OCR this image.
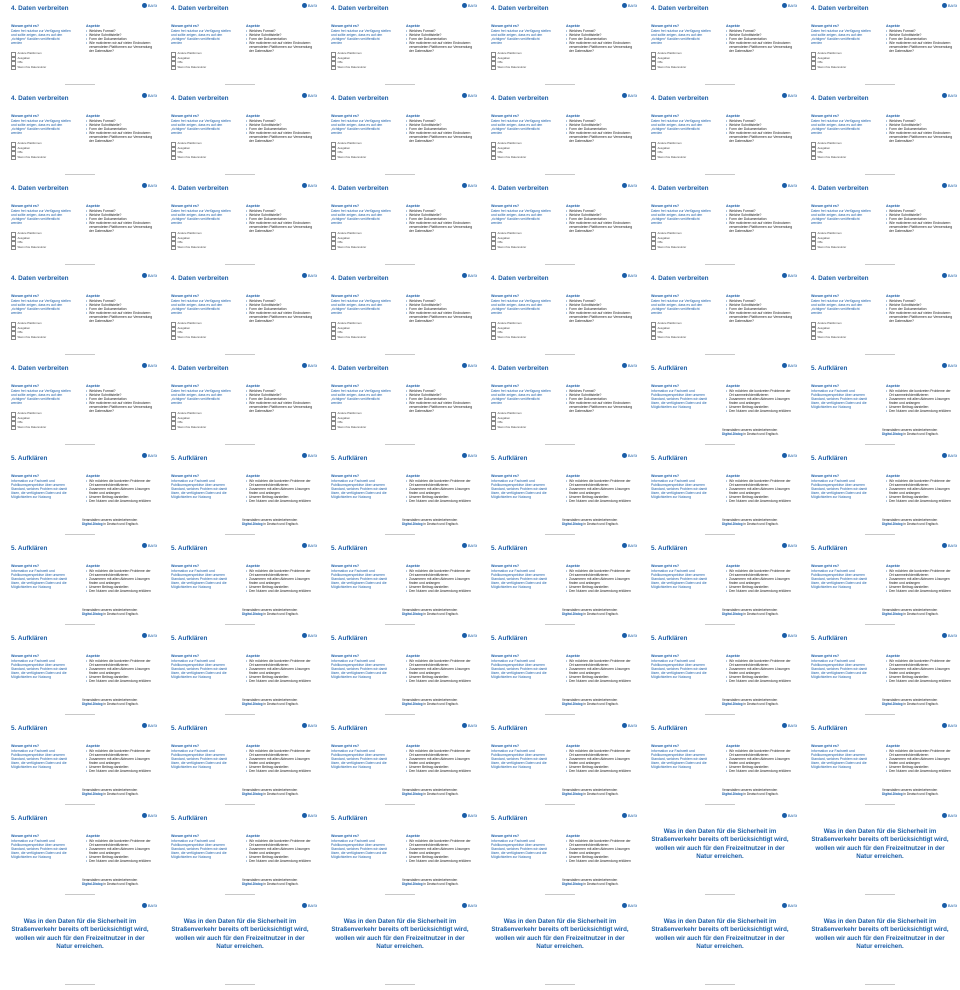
BASt
4. Daten verbreiten
Worum geht es?
Daten frei nutzbar zur Verfügung stellen
und sollte zeigen, dass es auf den
„richtigen“ Kanälen veröffentlicht
werden
Andere Plattformen
Ausgaben
Offe
Wenn ihre Datennutzer
Aspekte
• Welches Format?
• Welche Schnittstelle?
• Form der Dokumentation
• Wie motivieren wir auf vielen Endnutzern verwendeten Plattformen zur Verwendung der Datensätze?
BASt
4. Daten verbreiten
Worum geht es?
Daten frei nutzbar zur Verfügung stellen
und sollte zeigen, dass es auf den
„richtigen“ Kanälen veröffentlicht
werden
Andere Plattformen
Ausgaben
Offe
Wenn ihre Datennutzer
Aspekte
• Welches Format?
• Welche Schnittstelle?
• Form der Dokumentation
• Wie motivieren wir auf vielen Endnutzern verwendeten Plattformen zur Verwendung der Datensätze?
BASt
4. Daten verbreiten
Worum geht es?
Daten frei nutzbar zur Verfügung stellen
und sollte zeigen, dass es auf den
„richtigen“ Kanälen veröffentlicht
werden
Andere Plattformen
Ausgaben
Offe
Wenn ihre Datennutzer
Aspekte
• Welches Format?
• Welche Schnittstelle?
• Form der Dokumentation
• Wie motivieren wir auf vielen Endnutzern verwendeten Plattformen zur Verwendung der Datensätze?
BASt
4. Daten verbreiten
Worum geht es?
Daten frei nutzbar zur Verfügung stellen
und sollte zeigen, dass es auf den
„richtigen“ Kanälen veröffentlicht
werden
Andere Plattformen
Ausgaben
Offe
Wenn ihre Datennutzer
Aspekte
• Welches Format?
• Welche Schnittstelle?
• Form der Dokumentation
• Wie motivieren wir auf vielen Endnutzern verwendeten Plattformen zur Verwendung der Datensätze?
BASt
4. Daten verbreiten
Worum geht es?
Daten frei nutzbar zur Verfügung stellen
und sollte zeigen, dass es auf den
„richtigen“ Kanälen veröffentlicht
werden
Andere Plattformen
Ausgaben
Offe
Wenn ihre Datennutzer
Aspekte
• Welches Format?
• Welche Schnittstelle?
• Form der Dokumentation
• Wie motivieren wir auf vielen Endnutzern verwendeten Plattformen zur Verwendung der Datensätze?
BASt
4. Daten verbreiten
Worum geht es?
Daten frei nutzbar zur Verfügung stellen
und sollte zeigen, dass es auf den
„richtigen“ Kanälen veröffentlicht
werden
Andere Plattformen
Ausgaben
Offe
Wenn ihre Datennutzer
Aspekte
• Welches Format?
• Welche Schnittstelle?
• Form der Dokumentation
• Wie motivieren wir auf vielen Endnutzern verwendeten Plattformen zur Verwendung der Datensätze?
BASt
4. Daten verbreiten
Worum geht es?
Daten frei nutzbar zur Verfügung stellen
und sollte zeigen, dass es auf den
„richtigen“ Kanälen veröffentlicht
werden
Andere Plattformen
Ausgaben
Offe
Wenn ihre Datennutzer
Aspekte
• Welches Format?
• Welche Schnittstelle?
• Form der Dokumentation
• Wie motivieren wir auf vielen Endnutzern verwendeten Plattformen zur Verwendung der Datensätze?
BASt
4. Daten verbreiten
Worum geht es?
Daten frei nutzbar zur Verfügung stellen
und sollte zeigen, dass es auf den
„richtigen“ Kanälen veröffentlicht
werden
Andere Plattformen
Ausgaben
Offe
Wenn ihre Datennutzer
Aspekte
• Welches Format?
• Welche Schnittstelle?
• Form der Dokumentation
• Wie motivieren wir auf vielen Endnutzern verwendeten Plattformen zur Verwendung der Datensätze?
BASt
4. Daten verbreiten
Worum geht es?
Daten frei nutzbar zur Verfügung stellen
und sollte zeigen, dass es auf den
„richtigen“ Kanälen veröffentlicht
werden
Andere Plattformen
Ausgaben
Offe
Wenn ihre Datennutzer
Aspekte
• Welches Format?
• Welche Schnittstelle?
• Form der Dokumentation
• Wie motivieren wir auf vielen Endnutzern verwendeten Plattformen zur Verwendung der Datensätze?
BASt
4. Daten verbreiten
Worum geht es?
Daten frei nutzbar zur Verfügung stellen
und sollte zeigen, dass es auf den
„richtigen“ Kanälen veröffentlicht
werden
Andere Plattformen
Ausgaben
Offe
Wenn ihre Datennutzer
Aspekte
• Welches Format?
• Welche Schnittstelle?
• Form der Dokumentation
• Wie motivieren wir auf vielen Endnutzern verwendeten Plattformen zur Verwendung der Datensätze?
BASt
4. Daten verbreiten
Worum geht es?
Daten frei nutzbar zur Verfügung stellen
und sollte zeigen, dass es auf den
„richtigen“ Kanälen veröffentlicht
werden
Andere Plattformen
Ausgaben
Offe
Wenn ihre Datennutzer
Aspekte
• Welches Format?
• Welche Schnittstelle?
• Form der Dokumentation
• Wie motivieren wir auf vielen Endnutzern verwendeten Plattformen zur Verwendung der Datensätze?
BASt
4. Daten verbreiten
Worum geht es?
Daten frei nutzbar zur Verfügung stellen
und sollte zeigen, dass es auf den
„richtigen“ Kanälen veröffentlicht
werden
Andere Plattformen
Ausgaben
Offe
Wenn ihre Datennutzer
Aspekte
• Welches Format?
• Welche Schnittstelle?
• Form der Dokumentation
• Wie motivieren wir auf vielen Endnutzern verwendeten Plattformen zur Verwendung der Datensätze?
BASt
4. Daten verbreiten
Worum geht es?
Daten frei nutzbar zur Verfügung stellen
und sollte zeigen, dass es auf den
„richtigen“ Kanälen veröffentlicht
werden
Andere Plattformen
Ausgaben
Offe
Wenn ihre Datennutzer
Aspekte
• Welches Format?
• Welche Schnittstelle?
• Form der Dokumentation
• Wie motivieren wir auf vielen Endnutzern verwendeten Plattformen zur Verwendung der Datensätze?
BASt
4. Daten verbreiten
Worum geht es?
Daten frei nutzbar zur Verfügung stellen
und sollte zeigen, dass es auf den
„richtigen“ Kanälen veröffentlicht
werden
Andere Plattformen
Ausgaben
Offe
Wenn ihre Datennutzer
Aspekte
• Welches Format?
• Welche Schnittstelle?
• Form der Dokumentation
• Wie motivieren wir auf vielen Endnutzern verwendeten Plattformen zur Verwendung der Datensätze?
BASt
4. Daten verbreiten
Worum geht es?
Daten frei nutzbar zur Verfügung stellen
und sollte zeigen, dass es auf den
„richtigen“ Kanälen veröffentlicht
werden
Andere Plattformen
Ausgaben
Offe
Wenn ihre Datennutzer
Aspekte
• Welches Format?
• Welche Schnittstelle?
• Form der Dokumentation
• Wie motivieren wir auf vielen Endnutzern verwendeten Plattformen zur Verwendung der Datensätze?
BASt
4. Daten verbreiten
Worum geht es?
Daten frei nutzbar zur Verfügung stellen
und sollte zeigen, dass es auf den
„richtigen“ Kanälen veröffentlicht
werden
Andere Plattformen
Ausgaben
Offe
Wenn ihre Datennutzer
Aspekte
• Welches Format?
• Welche Schnittstelle?
• Form der Dokumentation
• Wie motivieren wir auf vielen Endnutzern verwendeten Plattformen zur Verwendung der Datensätze?
BASt
4. Daten verbreiten
Worum geht es?
Daten frei nutzbar zur Verfügung stellen
und sollte zeigen, dass es auf den
„richtigen“ Kanälen veröffentlicht
werden
Andere Plattformen
Ausgaben
Offe
Wenn ihre Datennutzer
Aspekte
• Welches Format?
• Welche Schnittstelle?
• Form der Dokumentation
• Wie motivieren wir auf vielen Endnutzern verwendeten Plattformen zur Verwendung der Datensätze?
BASt
4. Daten verbreiten
Worum geht es?
Daten frei nutzbar zur Verfügung stellen
und sollte zeigen, dass es auf den
„richtigen“ Kanälen veröffentlicht
werden
Andere Plattformen
Ausgaben
Offe
Wenn ihre Datennutzer
Aspekte
• Welches Format?
• Welche Schnittstelle?
• Form der Dokumentation
• Wie motivieren wir auf vielen Endnutzern verwendeten Plattformen zur Verwendung der Datensätze?
BASt
4. Daten verbreiten
Worum geht es?
Daten frei nutzbar zur Verfügung stellen
und sollte zeigen, dass es auf den
„richtigen“ Kanälen veröffentlicht
werden
Andere Plattformen
Ausgaben
Offe
Wenn ihre Datennutzer
Aspekte
• Welches Format?
• Welche Schnittstelle?
• Form der Dokumentation
• Wie motivieren wir auf vielen Endnutzern verwendeten Plattformen zur Verwendung der Datensätze?
BASt
4. Daten verbreiten
Worum geht es?
Daten frei nutzbar zur Verfügung stellen
und sollte zeigen, dass es auf den
„richtigen“ Kanälen veröffentlicht
werden
Andere Plattformen
Ausgaben
Offe
Wenn ihre Datennutzer
Aspekte
• Welches Format?
• Welche Schnittstelle?
• Form der Dokumentation
• Wie motivieren wir auf vielen Endnutzern verwendeten Plattformen zur Verwendung der Datensätze?
BASt
4. Daten verbreiten
Worum geht es?
Daten frei nutzbar zur Verfügung stellen
und sollte zeigen, dass es auf den
„richtigen“ Kanälen veröffentlicht
werden
Andere Plattformen
Ausgaben
Offe
Wenn ihre Datennutzer
Aspekte
• Welches Format?
• Welche Schnittstelle?
• Form der Dokumentation
• Wie motivieren wir auf vielen Endnutzern verwendeten Plattformen zur Verwendung der Datensätze?
BASt
4. Daten verbreiten
Worum geht es?
Daten frei nutzbar zur Verfügung stellen
und sollte zeigen, dass es auf den
„richtigen“ Kanälen veröffentlicht
werden
Andere Plattformen
Ausgaben
Offe
Wenn ihre Datennutzer
Aspekte
• Welches Format?
• Welche Schnittstelle?
• Form der Dokumentation
• Wie motivieren wir auf vielen Endnutzern verwendeten Plattformen zur Verwendung der Datensätze?
BASt
4. Daten verbreiten
Worum geht es?
Daten frei nutzbar zur Verfügung stellen
und sollte zeigen, dass es auf den
„richtigen“ Kanälen veröffentlicht
werden
Andere Plattformen
Ausgaben
Offe
Wenn ihre Datennutzer
Aspekte
• Welches Format?
• Welche Schnittstelle?
• Form der Dokumentation
• Wie motivieren wir auf vielen Endnutzern verwendeten Plattformen zur Verwendung der Datensätze?
BASt
4. Daten verbreiten
Worum geht es?
Daten frei nutzbar zur Verfügung stellen
und sollte zeigen, dass es auf den
„richtigen“ Kanälen veröffentlicht
werden
Andere Plattformen
Ausgaben
Offe
Wenn ihre Datennutzer
Aspekte
• Welches Format?
• Welche Schnittstelle?
• Form der Dokumentation
• Wie motivieren wir auf vielen Endnutzern verwendeten Plattformen zur Verwendung der Datensätze?
BASt
4. Daten verbreiten
Worum geht es?
Daten frei nutzbar zur Verfügung stellen
und sollte zeigen, dass es auf den
„richtigen“ Kanälen veröffentlicht
werden
Andere Plattformen
Ausgaben
Offe
Wenn ihre Datennutzer
Aspekte
• Welches Format?
• Welche Schnittstelle?
• Form der Dokumentation
• Wie motivieren wir auf vielen Endnutzern verwendeten Plattformen zur Verwendung der Datensätze?
BASt
4. Daten verbreiten
Worum geht es?
Daten frei nutzbar zur Verfügung stellen
und sollte zeigen, dass es auf den
„richtigen“ Kanälen veröffentlicht
werden
Andere Plattformen
Ausgaben
Offe
Wenn ihre Datennutzer
Aspekte
• Welches Format?
• Welche Schnittstelle?
• Form der Dokumentation
• Wie motivieren wir auf vielen Endnutzern verwendeten Plattformen zur Verwendung der Datensätze?
BASt
4. Daten verbreiten
Worum geht es?
Daten frei nutzbar zur Verfügung stellen
und sollte zeigen, dass es auf den
„richtigen“ Kanälen veröffentlicht
werden
Andere Plattformen
Ausgaben
Offe
Wenn ihre Datennutzer
Aspekte
• Welches Format?
• Welche Schnittstelle?
• Form der Dokumentation
• Wie motivieren wir auf vielen Endnutzern verwendeten Plattformen zur Verwendung der Datensätze?
BASt
4. Daten verbreiten
Worum geht es?
Daten frei nutzbar zur Verfügung stellen
und sollte zeigen, dass es auf den
„richtigen“ Kanälen veröffentlicht
werden
Andere Plattformen
Ausgaben
Offe
Wenn ihre Datennutzer
Aspekte
• Welches Format?
• Welche Schnittstelle?
• Form der Dokumentation
• Wie motivieren wir auf vielen Endnutzern verwendeten Plattformen zur Verwendung der Datensätze?
BASt
5. Aufklären
Worum geht es?
Information zur Fachwelt und
Publikumsperspektive über unseren
Standard, welches Problem wir damit
lösen, die verfügbaren Daten und die
Möglichkeiten zur Nutzung
Aspekte
• Wir möchten die konkreten Probleme der Ort sammeln/identifizieren
• Zusammen mit allen Akteuren Lösungen finden und anfangen
• Unserer Beitrag darstellen
• Den Nutzen und die Anwendung erklären
Veranstalten unseres wiederkehrenden
Digital-Dialog in Deutsch und Englisch.
BASt
5. Aufklären
Worum geht es?
Information zur Fachwelt und
Publikumsperspektive über unseren
Standard, welches Problem wir damit
lösen, die verfügbaren Daten und die
Möglichkeiten zur Nutzung
Aspekte
• Wir möchten die konkreten Probleme der Ort sammeln/identifizieren
• Zusammen mit allen Akteuren Lösungen finden und anfangen
• Unserer Beitrag darstellen
• Den Nutzen und die Anwendung erklären
Veranstalten unseres wiederkehrenden
Digital-Dialog in Deutsch und Englisch.
BASt
5. Aufklären
Worum geht es?
Information zur Fachwelt und
Publikumsperspektive über unseren
Standard, welches Problem wir damit
lösen, die verfügbaren Daten und die
Möglichkeiten zur Nutzung
Aspekte
• Wir möchten die konkreten Probleme der Ort sammeln/identifizieren
• Zusammen mit allen Akteuren Lösungen finden und anfangen
• Unserer Beitrag darstellen
• Den Nutzen und die Anwendung erklären
Veranstalten unseres wiederkehrenden
Digital-Dialog in Deutsch und Englisch.
BASt
5. Aufklären
Worum geht es?
Information zur Fachwelt und
Publikumsperspektive über unseren
Standard, welches Problem wir damit
lösen, die verfügbaren Daten und die
Möglichkeiten zur Nutzung
Aspekte
• Wir möchten die konkreten Probleme der Ort sammeln/identifizieren
• Zusammen mit allen Akteuren Lösungen finden und anfangen
• Unserer Beitrag darstellen
• Den Nutzen und die Anwendung erklären
Veranstalten unseres wiederkehrenden
Digital-Dialog in Deutsch und Englisch.
BASt
5. Aufklären
Worum geht es?
Information zur Fachwelt und
Publikumsperspektive über unseren
Standard, welches Problem wir damit
lösen, die verfügbaren Daten und die
Möglichkeiten zur Nutzung
Aspekte
• Wir möchten die konkreten Probleme der Ort sammeln/identifizieren
• Zusammen mit allen Akteuren Lösungen finden und anfangen
• Unserer Beitrag darstellen
• Den Nutzen und die Anwendung erklären
Veranstalten unseres wiederkehrenden
Digital-Dialog in Deutsch und Englisch.
BASt
5. Aufklären
Worum geht es?
Information zur Fachwelt und
Publikumsperspektive über unseren
Standard, welches Problem wir damit
lösen, die verfügbaren Daten und die
Möglichkeiten zur Nutzung
Aspekte
• Wir möchten die konkreten Probleme der Ort sammeln/identifizieren
• Zusammen mit allen Akteuren Lösungen finden und anfangen
• Unserer Beitrag darstellen
• Den Nutzen und die Anwendung erklären
Veranstalten unseres wiederkehrenden
Digital-Dialog in Deutsch und Englisch.
BASt
5. Aufklären
Worum geht es?
Information zur Fachwelt und
Publikumsperspektive über unseren
Standard, welches Problem wir damit
lösen, die verfügbaren Daten und die
Möglichkeiten zur Nutzung
Aspekte
• Wir möchten die konkreten Probleme der Ort sammeln/identifizieren
• Zusammen mit allen Akteuren Lösungen finden und anfangen
• Unserer Beitrag darstellen
• Den Nutzen und die Anwendung erklären
Veranstalten unseres wiederkehrenden
Digital-Dialog in Deutsch und Englisch.
BASt
5. Aufklären
Worum geht es?
Information zur Fachwelt und
Publikumsperspektive über unseren
Standard, welches Problem wir damit
lösen, die verfügbaren Daten und die
Möglichkeiten zur Nutzung
Aspekte
• Wir möchten die konkreten Probleme der Ort sammeln/identifizieren
• Zusammen mit allen Akteuren Lösungen finden und anfangen
• Unserer Beitrag darstellen
• Den Nutzen und die Anwendung erklären
Veranstalten unseres wiederkehrenden
Digital-Dialog in Deutsch und Englisch.
BASt
5. Aufklären
Worum geht es?
Information zur Fachwelt und
Publikumsperspektive über unseren
Standard, welches Problem wir damit
lösen, die verfügbaren Daten und die
Möglichkeiten zur Nutzung
Aspekte
• Wir möchten die konkreten Probleme der Ort sammeln/identifizieren
• Zusammen mit allen Akteuren Lösungen finden und anfangen
• Unserer Beitrag darstellen
• Den Nutzen und die Anwendung erklären
Veranstalten unseres wiederkehrenden
Digital-Dialog in Deutsch und Englisch.
BASt
5. Aufklären
Worum geht es?
Information zur Fachwelt und
Publikumsperspektive über unseren
Standard, welches Problem wir damit
lösen, die verfügbaren Daten und die
Möglichkeiten zur Nutzung
Aspekte
• Wir möchten die konkreten Probleme der Ort sammeln/identifizieren
• Zusammen mit allen Akteuren Lösungen finden und anfangen
• Unserer Beitrag darstellen
• Den Nutzen und die Anwendung erklären
Veranstalten unseres wiederkehrenden
Digital-Dialog in Deutsch und Englisch.
BASt
5. Aufklären
Worum geht es?
Information zur Fachwelt und
Publikumsperspektive über unseren
Standard, welches Problem wir damit
lösen, die verfügbaren Daten und die
Möglichkeiten zur Nutzung
Aspekte
• Wir möchten die konkreten Probleme der Ort sammeln/identifizieren
• Zusammen mit allen Akteuren Lösungen finden und anfangen
• Unserer Beitrag darstellen
• Den Nutzen und die Anwendung erklären
Veranstalten unseres wiederkehrenden
Digital-Dialog in Deutsch und Englisch.
BASt
5. Aufklären
Worum geht es?
Information zur Fachwelt und
Publikumsperspektive über unseren
Standard, welches Problem wir damit
lösen, die verfügbaren Daten und die
Möglichkeiten zur Nutzung
Aspekte
• Wir möchten die konkreten Probleme der Ort sammeln/identifizieren
• Zusammen mit allen Akteuren Lösungen finden und anfangen
• Unserer Beitrag darstellen
• Den Nutzen und die Anwendung erklären
Veranstalten unseres wiederkehrenden
Digital-Dialog in Deutsch und Englisch.
BASt
5. Aufklären
Worum geht es?
Information zur Fachwelt und
Publikumsperspektive über unseren
Standard, welches Problem wir damit
lösen, die verfügbaren Daten und die
Möglichkeiten zur Nutzung
Aspekte
• Wir möchten die konkreten Probleme der Ort sammeln/identifizieren
• Zusammen mit allen Akteuren Lösungen finden und anfangen
• Unserer Beitrag darstellen
• Den Nutzen und die Anwendung erklären
Veranstalten unseres wiederkehrenden
Digital-Dialog in Deutsch und Englisch.
BASt
5. Aufklären
Worum geht es?
Information zur Fachwelt und
Publikumsperspektive über unseren
Standard, welches Problem wir damit
lösen, die verfügbaren Daten und die
Möglichkeiten zur Nutzung
Aspekte
• Wir möchten die konkreten Probleme der Ort sammeln/identifizieren
• Zusammen mit allen Akteuren Lösungen finden und anfangen
• Unserer Beitrag darstellen
• Den Nutzen und die Anwendung erklären
Veranstalten unseres wiederkehrenden
Digital-Dialog in Deutsch und Englisch.
BASt
5. Aufklären
Worum geht es?
Information zur Fachwelt und
Publikumsperspektive über unseren
Standard, welches Problem wir damit
lösen, die verfügbaren Daten und die
Möglichkeiten zur Nutzung
Aspekte
• Wir möchten die konkreten Probleme der Ort sammeln/identifizieren
• Zusammen mit allen Akteuren Lösungen finden und anfangen
• Unserer Beitrag darstellen
• Den Nutzen und die Anwendung erklären
Veranstalten unseres wiederkehrenden
Digital-Dialog in Deutsch und Englisch.
BASt
5. Aufklären
Worum geht es?
Information zur Fachwelt und
Publikumsperspektive über unseren
Standard, welches Problem wir damit
lösen, die verfügbaren Daten und die
Möglichkeiten zur Nutzung
Aspekte
• Wir möchten die konkreten Probleme der Ort sammeln/identifizieren
• Zusammen mit allen Akteuren Lösungen finden und anfangen
• Unserer Beitrag darstellen
• Den Nutzen und die Anwendung erklären
Veranstalten unseres wiederkehrenden
Digital-Dialog in Deutsch und Englisch.
BASt
5. Aufklären
Worum geht es?
Information zur Fachwelt und
Publikumsperspektive über unseren
Standard, welches Problem wir damit
lösen, die verfügbaren Daten und die
Möglichkeiten zur Nutzung
Aspekte
• Wir möchten die konkreten Probleme der Ort sammeln/identifizieren
• Zusammen mit allen Akteuren Lösungen finden und anfangen
• Unserer Beitrag darstellen
• Den Nutzen und die Anwendung erklären
Veranstalten unseres wiederkehrenden
Digital-Dialog in Deutsch und Englisch.
BASt
5. Aufklären
Worum geht es?
Information zur Fachwelt und
Publikumsperspektive über unseren
Standard, welches Problem wir damit
lösen, die verfügbaren Daten und die
Möglichkeiten zur Nutzung
Aspekte
• Wir möchten die konkreten Probleme der Ort sammeln/identifizieren
• Zusammen mit allen Akteuren Lösungen finden und anfangen
• Unserer Beitrag darstellen
• Den Nutzen und die Anwendung erklären
Veranstalten unseres wiederkehrenden
Digital-Dialog in Deutsch und Englisch.
BASt
5. Aufklären
Worum geht es?
Information zur Fachwelt und
Publikumsperspektive über unseren
Standard, welches Problem wir damit
lösen, die verfügbaren Daten und die
Möglichkeiten zur Nutzung
Aspekte
• Wir möchten die konkreten Probleme der Ort sammeln/identifizieren
• Zusammen mit allen Akteuren Lösungen finden und anfangen
• Unserer Beitrag darstellen
• Den Nutzen und die Anwendung erklären
Veranstalten unseres wiederkehrenden
Digital-Dialog in Deutsch und Englisch.
BASt
5. Aufklären
Worum geht es?
Information zur Fachwelt und
Publikumsperspektive über unseren
Standard, welches Problem wir damit
lösen, die verfügbaren Daten und die
Möglichkeiten zur Nutzung
Aspekte
• Wir möchten die konkreten Probleme der Ort sammeln/identifizieren
• Zusammen mit allen Akteuren Lösungen finden und anfangen
• Unserer Beitrag darstellen
• Den Nutzen und die Anwendung erklären
Veranstalten unseres wiederkehrenden
Digital-Dialog in Deutsch und Englisch.
BASt
5. Aufklären
Worum geht es?
Information zur Fachwelt und
Publikumsperspektive über unseren
Standard, welches Problem wir damit
lösen, die verfügbaren Daten und die
Möglichkeiten zur Nutzung
Aspekte
• Wir möchten die konkreten Probleme der Ort sammeln/identifizieren
• Zusammen mit allen Akteuren Lösungen finden und anfangen
• Unserer Beitrag darstellen
• Den Nutzen und die Anwendung erklären
Veranstalten unseres wiederkehrenden
Digital-Dialog in Deutsch und Englisch.
BASt
5. Aufklären
Worum geht es?
Information zur Fachwelt und
Publikumsperspektive über unseren
Standard, welches Problem wir damit
lösen, die verfügbaren Daten und die
Möglichkeiten zur Nutzung
Aspekte
• Wir möchten die konkreten Probleme der Ort sammeln/identifizieren
• Zusammen mit allen Akteuren Lösungen finden und anfangen
• Unserer Beitrag darstellen
• Den Nutzen und die Anwendung erklären
Veranstalten unseres wiederkehrenden
Digital-Dialog in Deutsch und Englisch.
BASt
5. Aufklären
Worum geht es?
Information zur Fachwelt und
Publikumsperspektive über unseren
Standard, welches Problem wir damit
lösen, die verfügbaren Daten und die
Möglichkeiten zur Nutzung
Aspekte
• Wir möchten die konkreten Probleme der Ort sammeln/identifizieren
• Zusammen mit allen Akteuren Lösungen finden und anfangen
• Unserer Beitrag darstellen
• Den Nutzen und die Anwendung erklären
Veranstalten unseres wiederkehrenden
Digital-Dialog in Deutsch und Englisch.
BASt
5. Aufklären
Worum geht es?
Information zur Fachwelt und
Publikumsperspektive über unseren
Standard, welches Problem wir damit
lösen, die verfügbaren Daten und die
Möglichkeiten zur Nutzung
Aspekte
• Wir möchten die konkreten Probleme der Ort sammeln/identifizieren
• Zusammen mit allen Akteuren Lösungen finden und anfangen
• Unserer Beitrag darstellen
• Den Nutzen und die Anwendung erklären
Veranstalten unseres wiederkehrenden
Digital-Dialog in Deutsch und Englisch.
BASt
5. Aufklären
Worum geht es?
Information zur Fachwelt und
Publikumsperspektive über unseren
Standard, welches Problem wir damit
lösen, die verfügbaren Daten und die
Möglichkeiten zur Nutzung
Aspekte
• Wir möchten die konkreten Probleme der Ort sammeln/identifizieren
• Zusammen mit allen Akteuren Lösungen finden und anfangen
• Unserer Beitrag darstellen
• Den Nutzen und die Anwendung erklären
Veranstalten unseres wiederkehrenden
Digital-Dialog in Deutsch und Englisch.
BASt
5. Aufklären
Worum geht es?
Information zur Fachwelt und
Publikumsperspektive über unseren
Standard, welches Problem wir damit
lösen, die verfügbaren Daten und die
Möglichkeiten zur Nutzung
Aspekte
• Wir möchten die konkreten Probleme der Ort sammeln/identifizieren
• Zusammen mit allen Akteuren Lösungen finden und anfangen
• Unserer Beitrag darstellen
• Den Nutzen und die Anwendung erklären
Veranstalten unseres wiederkehrenden
Digital-Dialog in Deutsch und Englisch.
BASt
5. Aufklären
Worum geht es?
Information zur Fachwelt und
Publikumsperspektive über unseren
Standard, welches Problem wir damit
lösen, die verfügbaren Daten und die
Möglichkeiten zur Nutzung
Aspekte
• Wir möchten die konkreten Probleme der Ort sammeln/identifizieren
• Zusammen mit allen Akteuren Lösungen finden und anfangen
• Unserer Beitrag darstellen
• Den Nutzen und die Anwendung erklären
Veranstalten unseres wiederkehrenden
Digital-Dialog in Deutsch und Englisch.
BASt
5. Aufklären
Worum geht es?
Information zur Fachwelt und
Publikumsperspektive über unseren
Standard, welches Problem wir damit
lösen, die verfügbaren Daten und die
Möglichkeiten zur Nutzung
Aspekte
• Wir möchten die konkreten Probleme der Ort sammeln/identifizieren
• Zusammen mit allen Akteuren Lösungen finden und anfangen
• Unserer Beitrag darstellen
• Den Nutzen und die Anwendung erklären
Veranstalten unseres wiederkehrenden
Digital-Dialog in Deutsch und Englisch.
BASt
5. Aufklären
Worum geht es?
Information zur Fachwelt und
Publikumsperspektive über unseren
Standard, welches Problem wir damit
lösen, die verfügbaren Daten und die
Möglichkeiten zur Nutzung
Aspekte
• Wir möchten die konkreten Probleme der Ort sammeln/identifizieren
• Zusammen mit allen Akteuren Lösungen finden und anfangen
• Unserer Beitrag darstellen
• Den Nutzen und die Anwendung erklären
Veranstalten unseres wiederkehrenden
Digital-Dialog in Deutsch und Englisch.
BASt
5. Aufklären
Worum geht es?
Information zur Fachwelt und
Publikumsperspektive über unseren
Standard, welches Problem wir damit
lösen, die verfügbaren Daten und die
Möglichkeiten zur Nutzung
Aspekte
• Wir möchten die konkreten Probleme der Ort sammeln/identifizieren
• Zusammen mit allen Akteuren Lösungen finden und anfangen
• Unserer Beitrag darstellen
• Den Nutzen und die Anwendung erklären
Veranstalten unseres wiederkehrenden
Digital-Dialog in Deutsch und Englisch.
BASt
Was in den Daten für die Sicherheit im Straßenverkehr bereits oft berücksichtigt wird, wollen wir auch für den Freizeitnutzer in der Natur erreichen.
BASt
Was in den Daten für die Sicherheit im Straßenverkehr bereits oft berücksichtigt wird, wollen wir auch für den Freizeitnutzer in der Natur erreichen.
BASt
Was in den Daten für die Sicherheit im Straßenverkehr bereits oft berücksichtigt wird, wollen wir auch für den Freizeitnutzer in der Natur erreichen.
BASt
Was in den Daten für die Sicherheit im Straßenverkehr bereits oft berücksichtigt wird, wollen wir auch für den Freizeitnutzer in der Natur erreichen.
BASt
Was in den Daten für die Sicherheit im Straßenverkehr bereits oft berücksichtigt wird, wollen wir auch für den Freizeitnutzer in der Natur erreichen.
BASt
Was in den Daten für die Sicherheit im Straßenverkehr bereits oft berücksichtigt wird, wollen wir auch für den Freizeitnutzer in der Natur erreichen.
BASt
Was in den Daten für die Sicherheit im Straßenverkehr bereits oft berücksichtigt wird, wollen wir auch für den Freizeitnutzer in der Natur erreichen.
BASt
Was in den Daten für die Sicherheit im Straßenverkehr bereits oft berücksichtigt wird, wollen wir auch für den Freizeitnutzer in der Natur erreichen.
